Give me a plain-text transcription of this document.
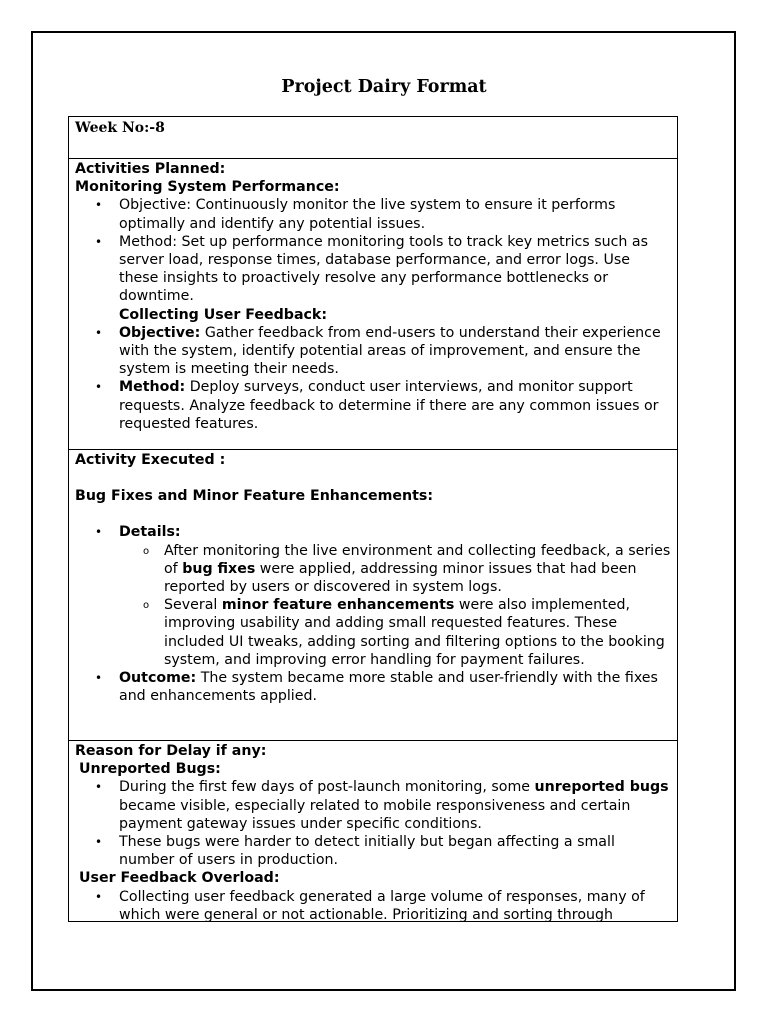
Project Dairy Format
Week No:-8
Activities Planned:
Monitoring System Performance:
• Objective: Continuously monitor the live system to ensure it performs optimally and identify any potential issues.
• Method: Set up performance monitoring tools to track key metrics such as server load, response times, database performance, and error logs. Use these insights to proactively resolve any performance bottlenecks or downtime.
Collecting User Feedback:
• Objective: Gather feedback from end-users to understand their experience with the system, identify potential areas of improvement, and ensure the system is meeting their needs.
• Method: Deploy surveys, conduct user interviews, and monitor support requests. Analyze feedback to determine if there are any common issues or requested features.
Activity Executed :
Bug Fixes and Minor Feature Enhancements:
• Details:
o After monitoring the live environment and collecting feedback, a series of bug fixes were applied, addressing minor issues that had been reported by users or discovered in system logs.
o Several minor feature enhancements were also implemented, improving usability and adding small requested features. These included UI tweaks, adding sorting and filtering options to the booking system, and improving error handling for payment failures.
• Outcome: The system became more stable and user-friendly with the fixes and enhancements applied.
Reason for Delay if any:
Unreported Bugs:
• During the first few days of post-launch monitoring, some unreported bugs became visible, especially related to mobile responsiveness and certain payment gateway issues under specific conditions.
• These bugs were harder to detect initially but began affecting a small number of users in production.
User Feedback Overload:
• Collecting user feedback generated a large volume of responses, many of which were general or not actionable. Prioritizing and sorting through
